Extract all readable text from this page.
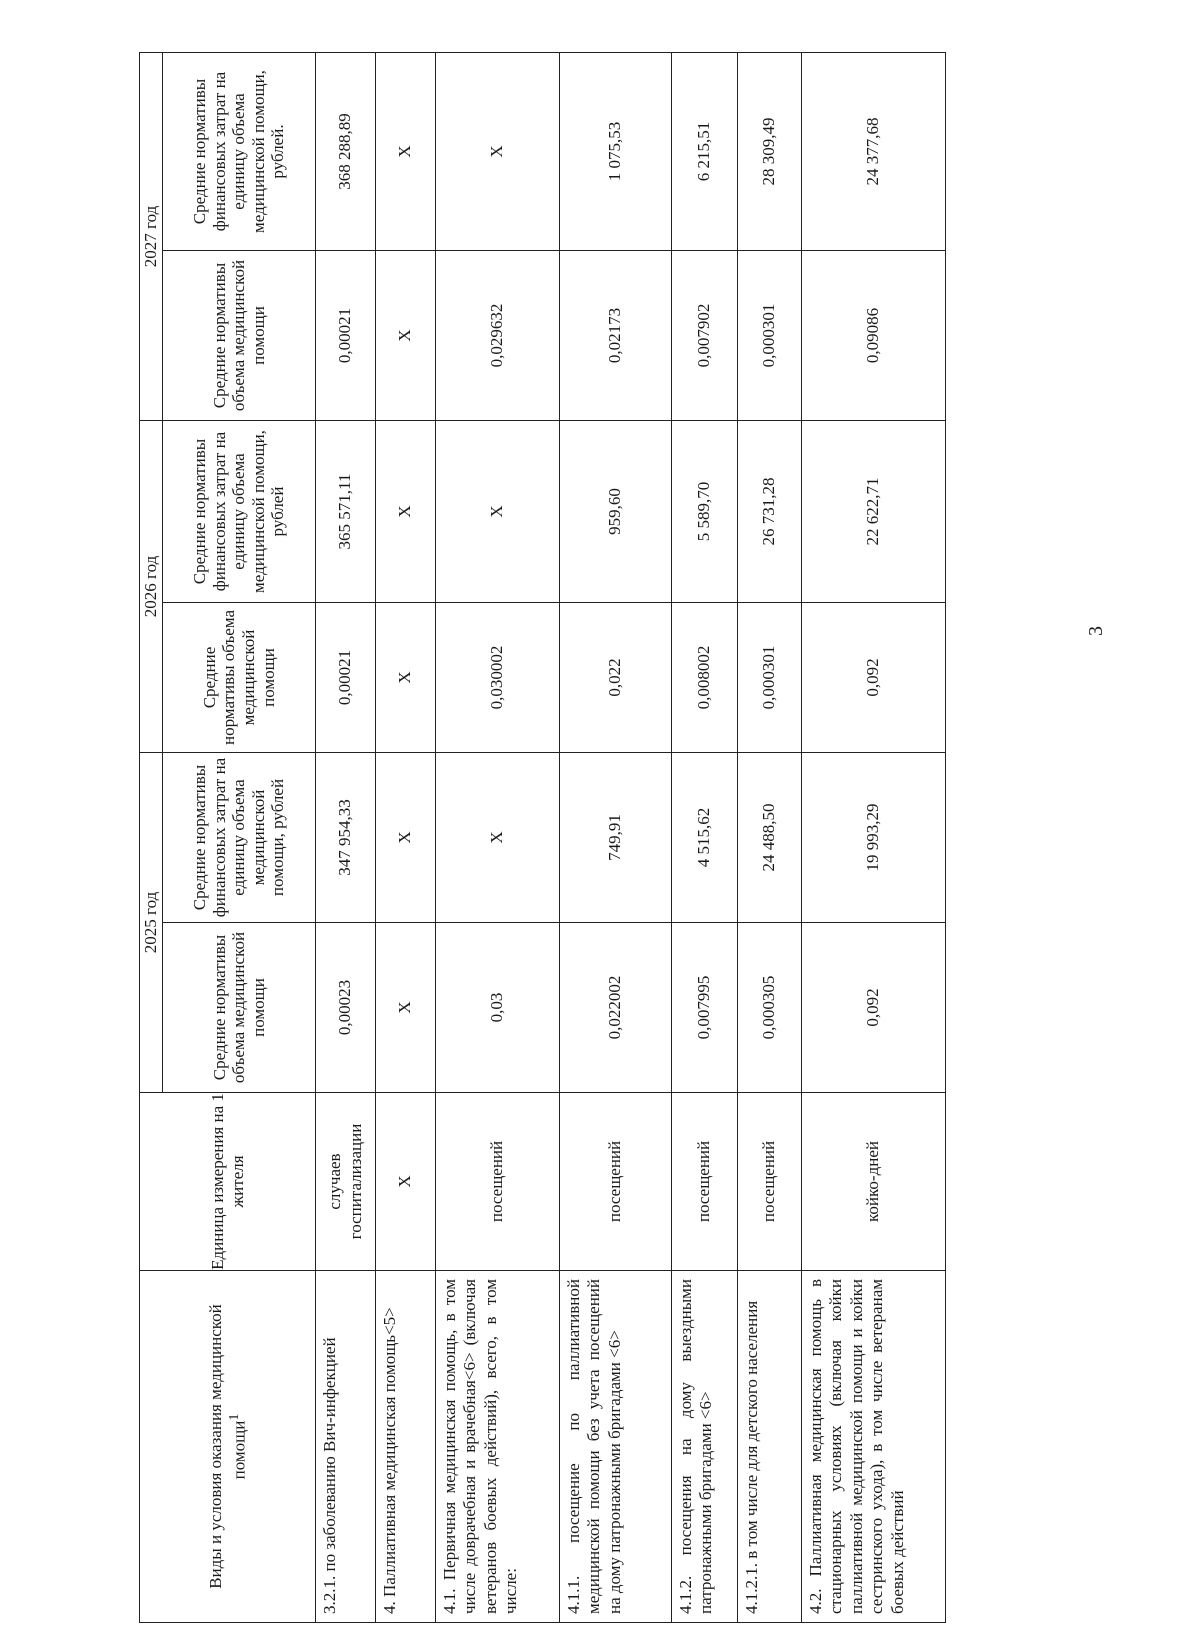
3
Виды и условия оказания медицинской помощи$^1$	Единица измерения на 1 жителя	2025 год		2026 год		2027 год	
		Средние нормативы объема медицинской помощи	Средние нормативы финансовых затрат на единицу объема медицинской помощи, рублей	Средние нормативы объема медицинской помощи	Средние нормативы финансовых затрат на единицу объема медицинской помощи, рублей	Средние нормативы объема медицинской помощи	Средние нормативы финансовых затрат на единицу объема медицинской помощи, рублей.
3.2.1. по заболеванию Вич-инфекцией	случаев госпитализации	0,00023	347 954,33	0,00021	365 571,11	0,00021	368 288,89
4. Паллиативная медицинская помощь<5>	X	X	X	X	X	X	X
4.1. Первичная медицинская помощь, в том числе доврачебная и врачебная<6> (включая ветеранов боевых действий), всего, в том числе:	посещений	0,03	X	0,030002	X	0,029632	X
4.1.1. посещение по паллиативной медицинской помощи без учета посещений на дому патронажными бригадами <6>	посещений	0,022002	749,91	0,022	959,60	0,02173	1 075,53
4.1.2. посещения на дому выездными патронажными бригадами <6>	посещений	0,007995	4 515,62	0,008002	5 589,70	0,007902	6 215,51
4.1.2.1. в том числе для детского населения	посещений	0,000305	24 488,50	0,000301	26 731,28	0,000301	28 309,49
4.2. Паллиативная медицинская помощь в стационарных условиях (включая койки паллиативной медицинской помощи и койки сестринского ухода), в том числе ветеранам боевых действий	койко-дней	0,092	19 993,29	0,092	22 622,71	0,09086	24 377,68
